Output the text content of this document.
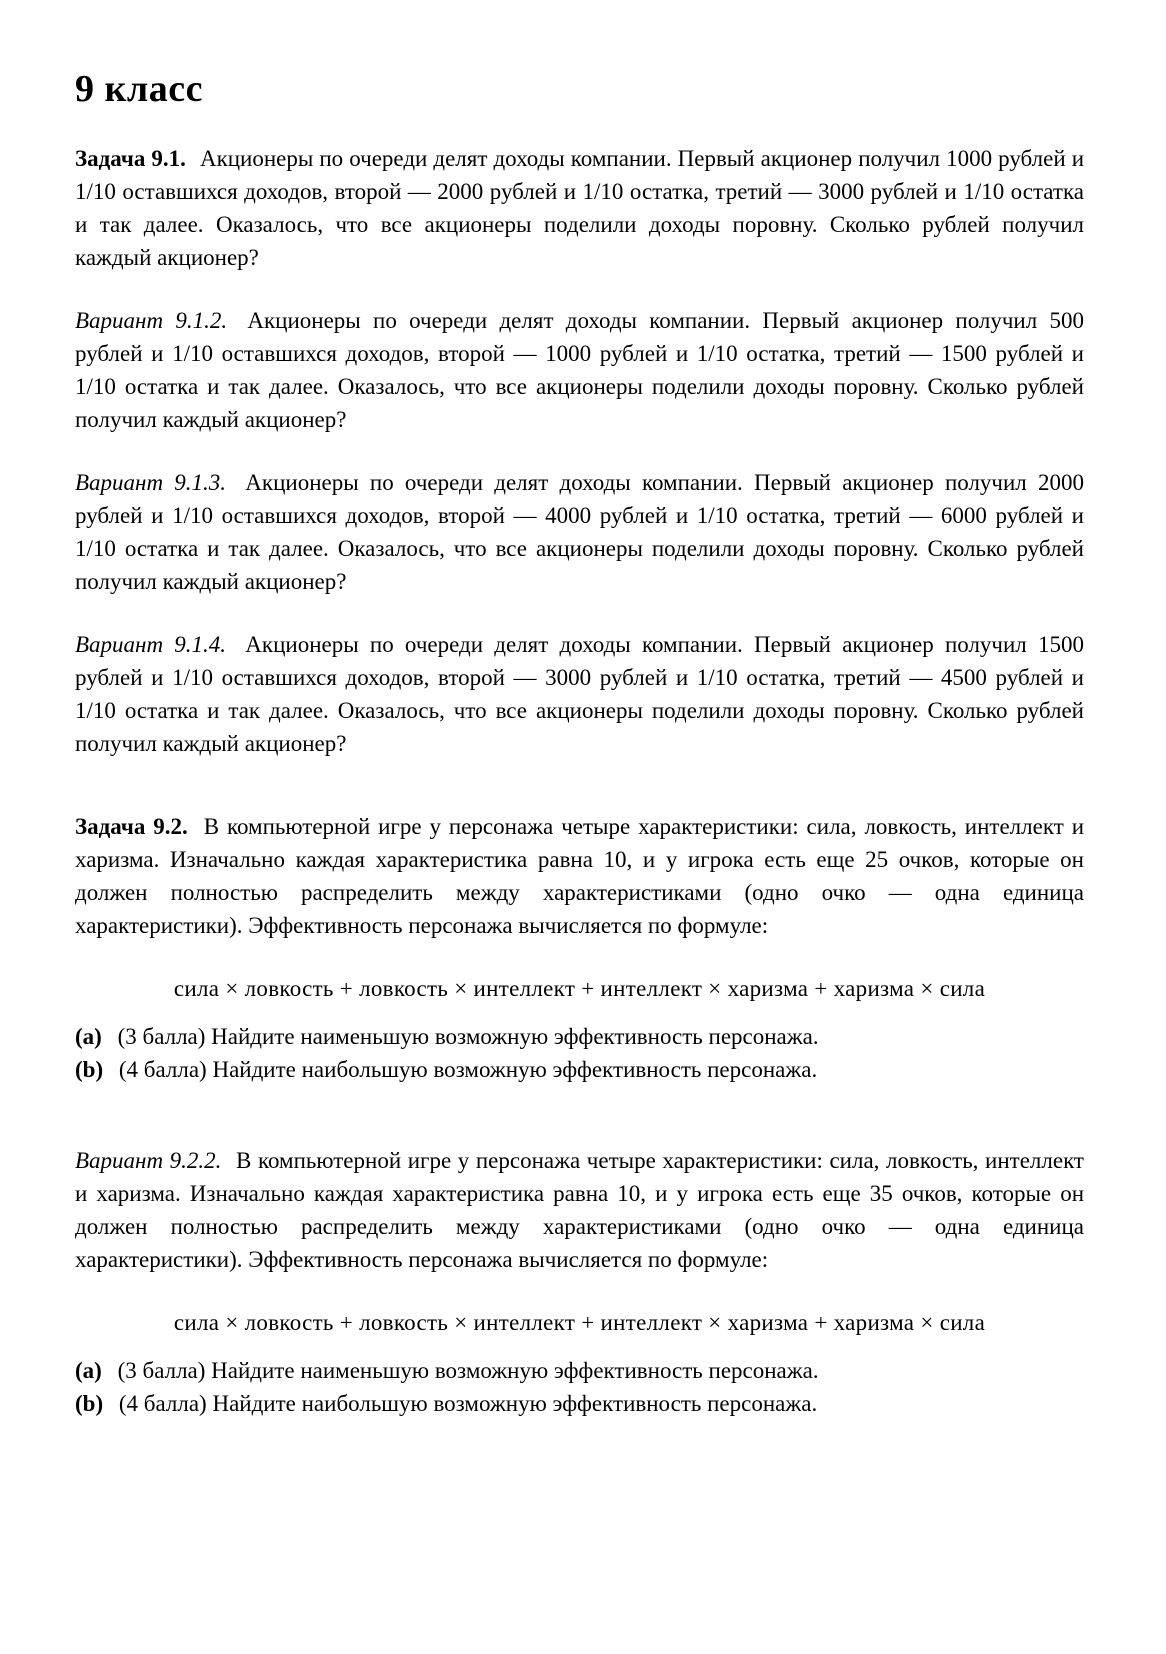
9 класс

Задача 9.1. Акционеры по очереди делят доходы компании. Первый акционер получил 1000 рублей и 1/10 оставшихся доходов, второй — 2000 рублей и 1/10 остатка, третий — 3000 рублей и 1/10 остатка и так далее. Оказалось, что все акционеры поделили доходы поровну. Сколько рублей получил каждый акционер?

Вариант 9.1.2. Акционеры по очереди делят доходы компании. Первый акционер получил 500 рублей и 1/10 оставшихся доходов, второй — 1000 рублей и 1/10 остатка, третий — 1500 рублей и 1/10 остатка и так далее. Оказалось, что все акционеры поделили доходы поровну. Сколько рублей получил каждый акционер?

Вариант 9.1.3. Акционеры по очереди делят доходы компании. Первый акционер получил 2000 рублей и 1/10 оставшихся доходов, второй — 4000 рублей и 1/10 остатка, третий — 6000 рублей и 1/10 остатка и так далее. Оказалось, что все акционеры поделили доходы поровну. Сколько рублей получил каждый акционер?

Вариант 9.1.4. Акционеры по очереди делят доходы компании. Первый акционер получил 1500 рублей и 1/10 оставшихся доходов, второй — 3000 рублей и 1/10 остатка, третий — 4500 рублей и 1/10 остатка и так далее. Оказалось, что все акционеры поделили доходы поровну. Сколько рублей получил каждый акционер?

Задача 9.2. В компьютерной игре у персонажа четыре характеристики: сила, ловкость, интеллект и харизма. Изначально каждая характеристика равна 10, и у игрока есть еще 25 очков, которые он должен полностью распределить между характеристиками (одно очко — одна единица характеристики). Эффективность персонажа вычисляется по формуле:

сила × ловкость + ловкость × интеллект + интеллект × харизма + харизма × сила
(a) (3 балла) Найдите наименьшую возможную эффективность персонажа.
(b) (4 балла) Найдите наибольшую возможную эффективность персонажа.

Вариант 9.2.2. В компьютерной игре у персонажа четыре характеристики: сила, ловкость, интеллект и харизма. Изначально каждая характеристика равна 10, и у игрока есть еще 35 очков, которые он должен полностью распределить между характеристиками (одно очко — одна единица характеристики). Эффективность персонажа вычисляется по формуле:

сила × ловкость + ловкость × интеллект + интеллект × харизма + харизма × сила
(a) (3 балла) Найдите наименьшую возможную эффективность персонажа.
(b) (4 балла) Найдите наибольшую возможную эффективность персонажа.
